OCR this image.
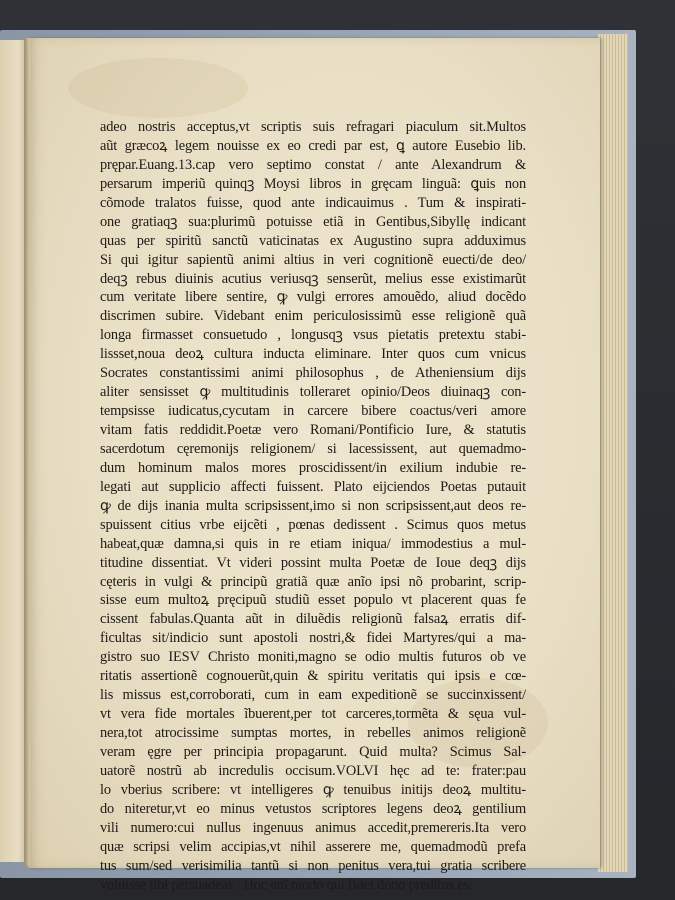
adeo nostris acceptus,vt scriptis suis refragari piaculum sit.Multos
aũt græcoꝝ legem nouisse ex eo credi par est, ꝗ autore Eusebio lib.
prępar.Euang.13.cap vero septimo constat / ante Alexandrum &
persarum imperiũ quinqꝫ Moysi libros in gręcam linguã: ꝗuis non
cõmode tralatos fuisse, quod ante indicauimus . Tum & inspirati-
one gratiaqꝫ sua:plurimũ potuisse etiã in Gentibus,Sibyllę indicant
quas per spiritũ sanctũ vaticinatas ex Augustino supra adduximus
Si qui igitur sapientũ animi altius in veri cognitionẽ euecti/de deo/
deqꝫ rebus diuinis acutius veriusqꝫ senserũt, melius esse existimarũt
cum veritate libere sentire, ꝙ vulgi errores amouẽdo, aliud docẽdo
discrimen subire. Videbant enim periculosissimũ esse religionẽ quã
longa firmasset consuetudo , longusqꝫ vsus pietatis pretextu stabi-
lissset,noua deoꝝ cultura inducta eliminare. Inter quos cum vnicus
Socrates constantissimi animi philosophus , de Atheniensium dijs
aliter sensisset ꝙ multitudinis tolleraret opinio/Deos diuinaqꝫ con-
tempsisse iudicatus,cycutam in carcere bibere coactus/veri amore
vitam fatis reddidit.Poetæ vero Romani/Pontificio Iure, & statutis
sacerdotum cęremonijs religionem/ si lacessissent, aut quemadmo-
dum hominum malos mores proscidissent/in exilium indubie re-
legati aut supplicio affecti fuissent. Plato eijciendos Poetas putauit
ꝙ de dijs inania multa scripsissent,imo si non scripsissent,aut deos re-
spuissent citius vrbe eijcẽti , pœnas dedissent . Scimus quos metus
habeat,quæ damna,si quis in re etiam iniqua/ immodestius a mul-
titudine dissentiat. Vt videri possint multa Poetæ de Ioue deqꝫ dijs
cęteris in vulgi & principũ gratiã quæ anĩo ipsi nõ probarint, scrip-
sisse eum multoꝝ pręcipuũ studiũ esset populo vt placerent quas fe
cissent fabulas.Quanta aũt in diluẽdis religionũ falsaꝝ erratis dif-
ficultas sit/indicio sunt apostoli nostri,& fidei Martyres/qui a ma-
gistro suo IESV Christo moniti,magno se odio multis futuros ob ve
ritatis assertionẽ cognouerũt,quin & spiritu veritatis qui ipsis e cœ-
lis missus est,corroborati, cum in eam expeditionẽ se succinxissent/
vt vera fide mortales ĩbuerent,per tot carceres,tormẽta & sęua vul-
nera,tot atrocissime sumptas mortes, in rebelles animos religionẽ
veram ęgre per principia propagarunt. Quid multa? Scimus Sal-
uatorẽ nostrũ ab incredulis occisum.VOLVI hęc ad te: frater:pau
lo vberius scribere: vt intelligeres ꝙ tenuibus initijs deoꝝ multitu-
do niteretur,vt eo minus vetustos scriptores legens deoꝝ gentilium
vili numero:cui nullus ingenuus animus accedit,premereris.Ita vero
quæ scripsi velim accipias,vt nihil asserere me, quemadmodũ prefa
tus sum/sed verisimilia tantũ si non penitus vera,tui gratia scribere
voluisse tibi persuadeas . Hoc enĩ modo qui fidei dono preditus es/
